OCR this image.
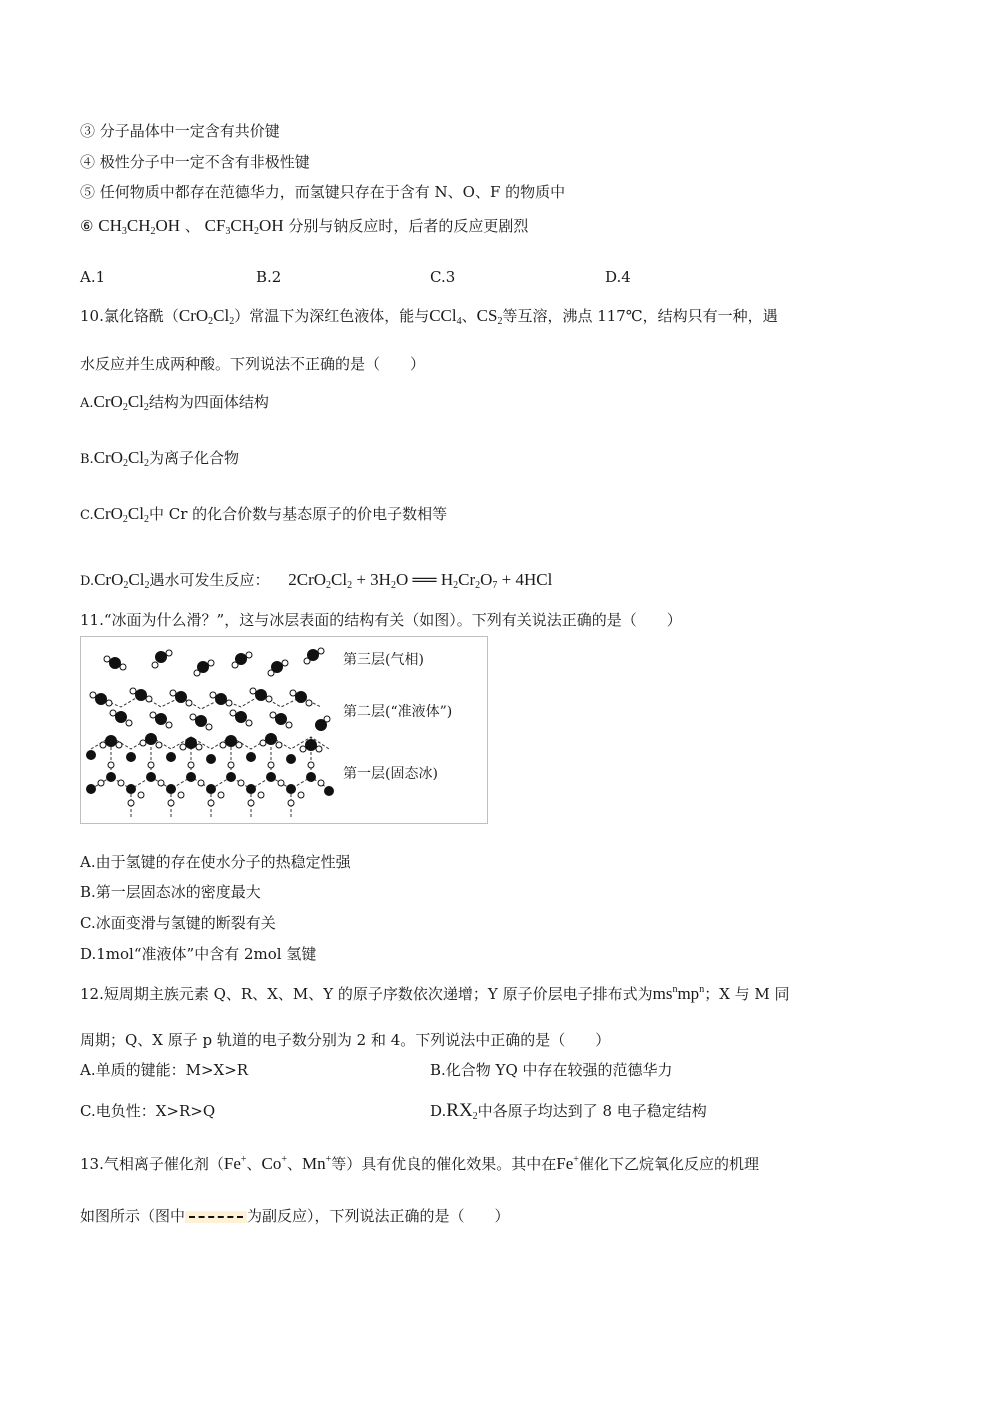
③ 分子晶体中一定含有共价键
④ 极性分子中一定不含有非极性键
⑤ 任何物质中都存在范德华力，而氢键只存在于含有 N、O、F 的物质中
⑥ $CH_3CH_2OH$ 、 $CF_3CH_2OH$ 分别与钠反应时，后者的反应更剧烈
A.1	B.2	C.3	D.4
10.氯化铬酰$(CrO_2Cl_2)$常温下为深红色液体，能与CCl$_4$、$CS_2$等互溶，沸点 117℃，结构只有一种，遇
水反应并生成两种酸。下列说法不正确的是（　　）
$A.CrO_2Cl_2$结构为四面体结构
$B.CrO_2Cl_2$为离子化合物
$C.CrO_2Cl_2$中 Cr 的化合价数与基态原子的价电子数相等
$D.CrO_2Cl_2$遇水可发生反应： $2CrO_2Cl_2 + 3H_2O$ ══ $H_2Cr_2O_7 + 4HCl$
11.“冰面为什么滑？”，这与冰层表面的结构有关（如图）。下列有关说法正确的是（　　）
第三层(气相)
第二层(“准液体”)
第一层(固态冰)
A.由于氢键的存在使水分子的热稳定性强
B.第一层固态冰的密度最大
C.冰面变滑与氢键的断裂有关
D.1mol“准液体”中含有 2mol 氢键
12.短周期主族元素 Q、R、X、M、Y 的原子序数依次递增；Y 原子价层电子排布式为$ms^nmp^n$；X 与 M 同
周期；Q、X 原子 p 轨道的电子数分别为 2 和 4。下列说法中正确的是（　　）
A.单质的键能：M>X>R	B.化合物 YQ 中存在较强的范德华力
C.电负性：X>R>Q	$D.RX_2$中各原子均达到了 8 电子稳定结构
13.气相离子催化剂（Fe+、Co+、Mn+等）具有优良的催化效果。其中在Fe+催化下乙烷氧化反应的机理
如图所示（图中	为副反应），下列说法正确的是（　　）
